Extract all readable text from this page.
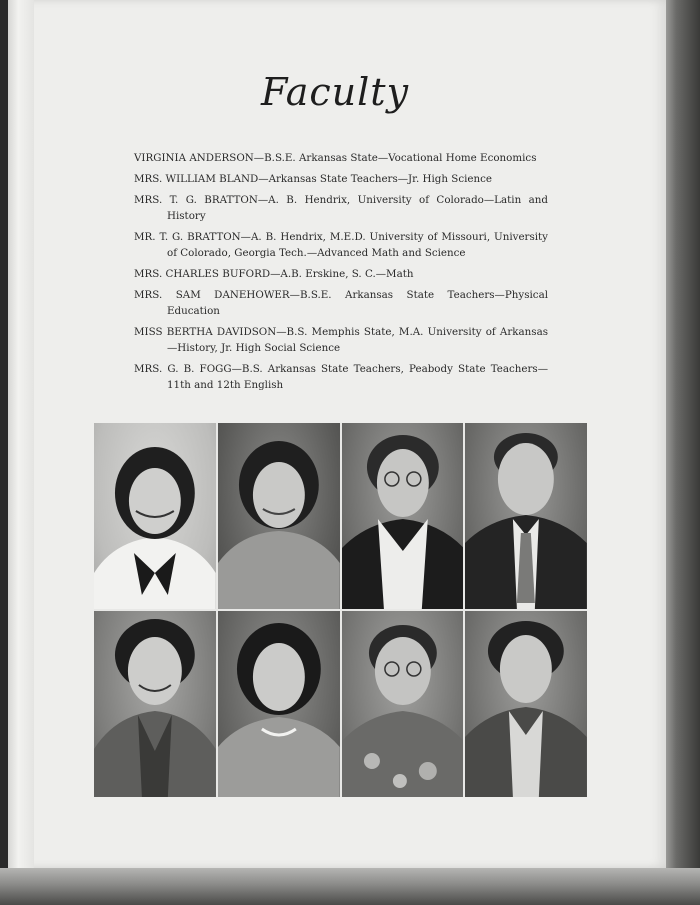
Faculty
VIRGINIA ANDERSON—B.S.E. Arkansas State—Vocational Home Economics
MRS. WILLIAM BLAND—Arkansas State Teachers—Jr. High Science
MRS. T. G. BRATTON—A. B. Hendrix, University of Colorado—Latin and History
MR. T. G. BRATTON—A. B. Hendrix, M.E.D. University of Missouri, University of Colorado, Georgia Tech.—Advanced Math and Science
MRS. CHARLES BUFORD—A.B. Erskine, S. C.—Math
MRS. SAM DANEHOWER—B.S.E. Arkansas State Teachers—Physical Education
MISS BERTHA DAVIDSON—B.S. Memphis State, M.A. University of Arkansas—History, Jr. High Social Science
MRS. G. B. FOGG—B.S. Arkansas State Teachers, Peabody State Teachers—11th and 12th English
